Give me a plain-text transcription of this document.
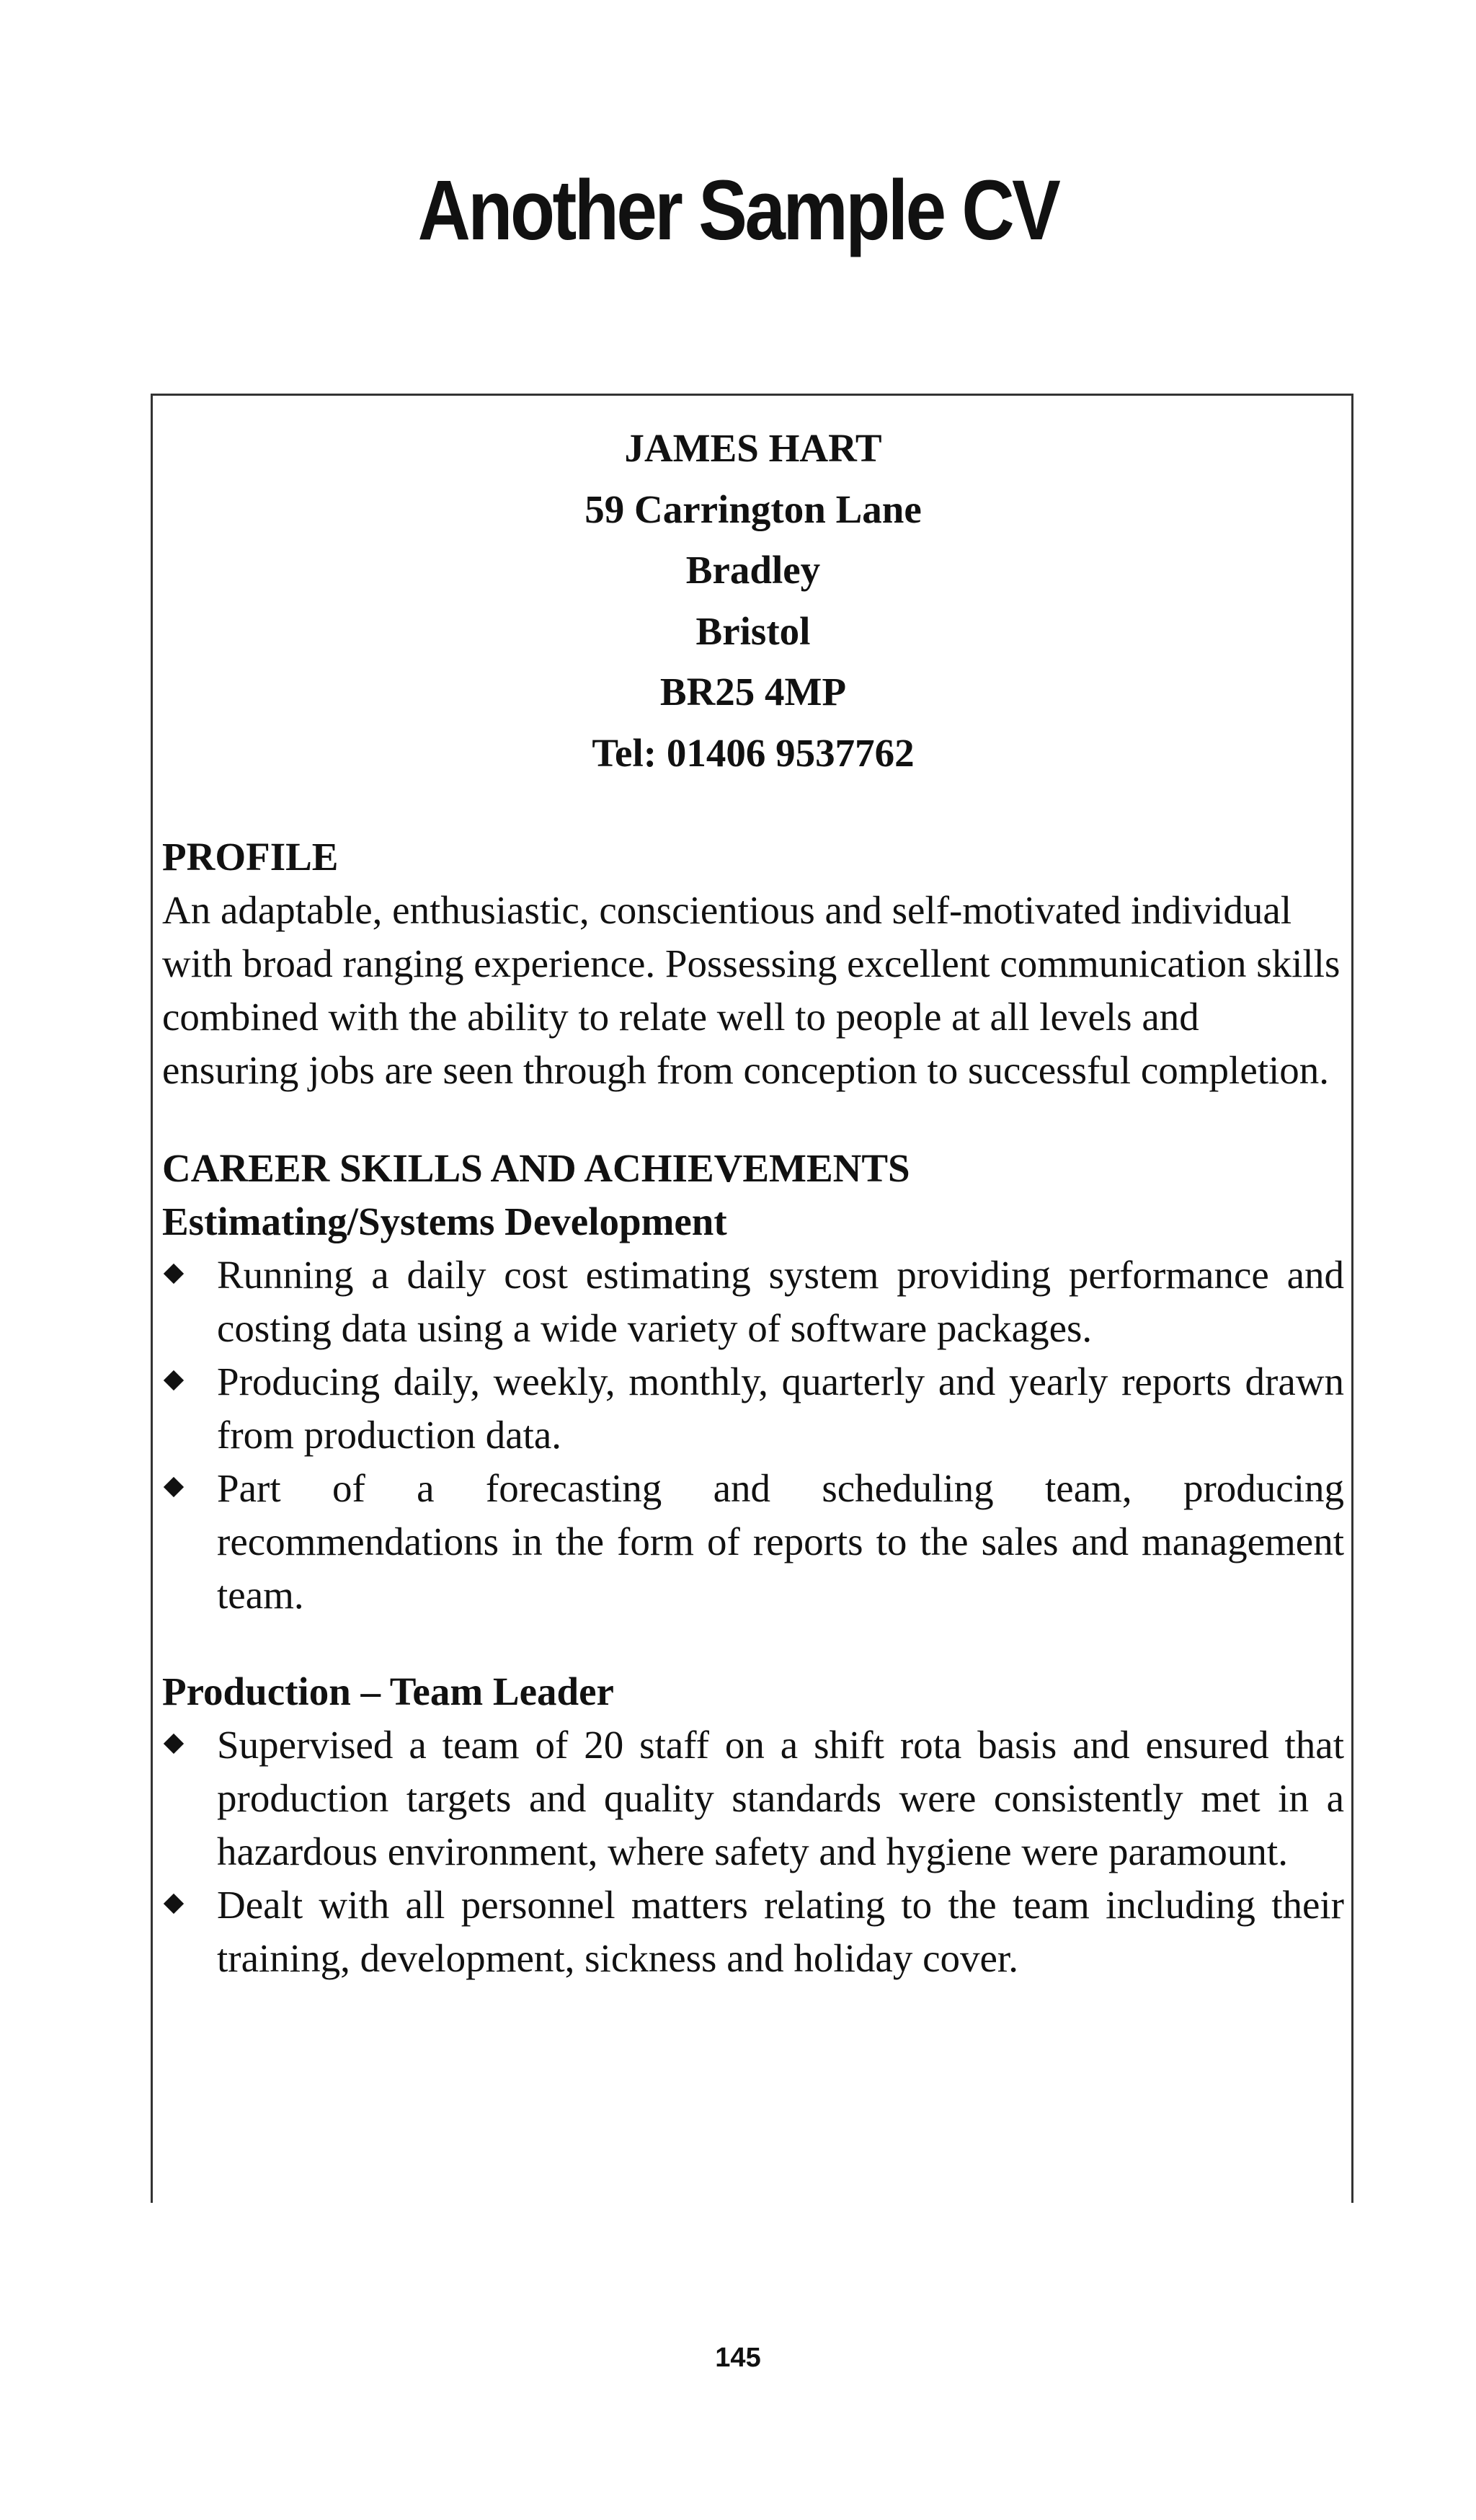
Another Sample CV
JAMES HART
59 Carrington Lane
Bradley
Bristol
BR25 4MP
Tel: 01406 9537762
PROFILE
An adaptable, enthusiastic, conscientious and self-motivated individual with broad ranging experience. Possessing excellent communication skills combined with the ability to relate well to people at all levels and ensuring jobs are seen through from conception to successful completion.
CAREER SKILLS AND ACHIEVEMENTS
Estimating/Systems Development
Running a daily cost estimating system providing performance and costing data using a wide variety of software packages.
Producing daily, weekly, monthly, quarterly and yearly reports drawn from production data.
Part of a forecasting and scheduling team, producing recommendations in the form of reports to the sales and management team.
Production – Team Leader
Supervised a team of 20 staff on a shift rota basis and ensured that production targets and quality standards were consistently met in a hazardous environment, where safety and hygiene were paramount.
Dealt with all personnel matters relating to the team including their training, development, sickness and holiday cover.
145
